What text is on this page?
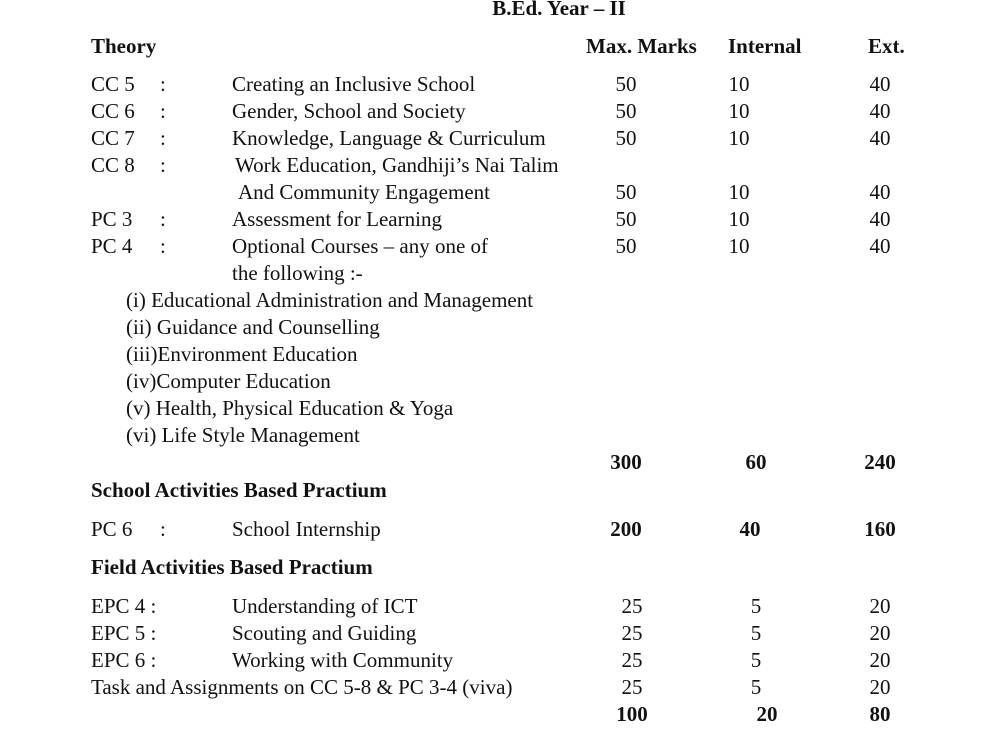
B.Ed. Year – II
Theory	Max. Marks Internal	Ext.
CC 5 :	Creating an Inclusive School	50	10	40
CC 6 :	Gender, School and Society	50	10	40
CC 7 :	Knowledge, Language & Curriculum	50	10	40
CC 8 :	Work Education, Gandhiji’s Nai Talim
And Community Engagement	50	10	40
PC 3 :	Assessment for Learning	50	10	40
PC 4 :	Optional Courses – any one of
the following :-
50	10	40
(i) Educational Administration and Management
(ii) Guidance and Counselling
(iii)Environment Education
(iv)Computer Education
(v) Health, Physical Education & Yoga
(vi) Life Style Management
300	60	240
School Activities Based Practium
PC 6 :	School Internship	200	40	160
Field Activities Based Practium
EPC 4 :	Understanding of ICT	25	5	20
EPC 5 :	Scouting and Guiding	25	5	20
EPC 6 :	Working with Community	25	5	20
Task and Assignments on CC 5-8 & PC 3-4 (viva)	25	5	20
100	20	80
